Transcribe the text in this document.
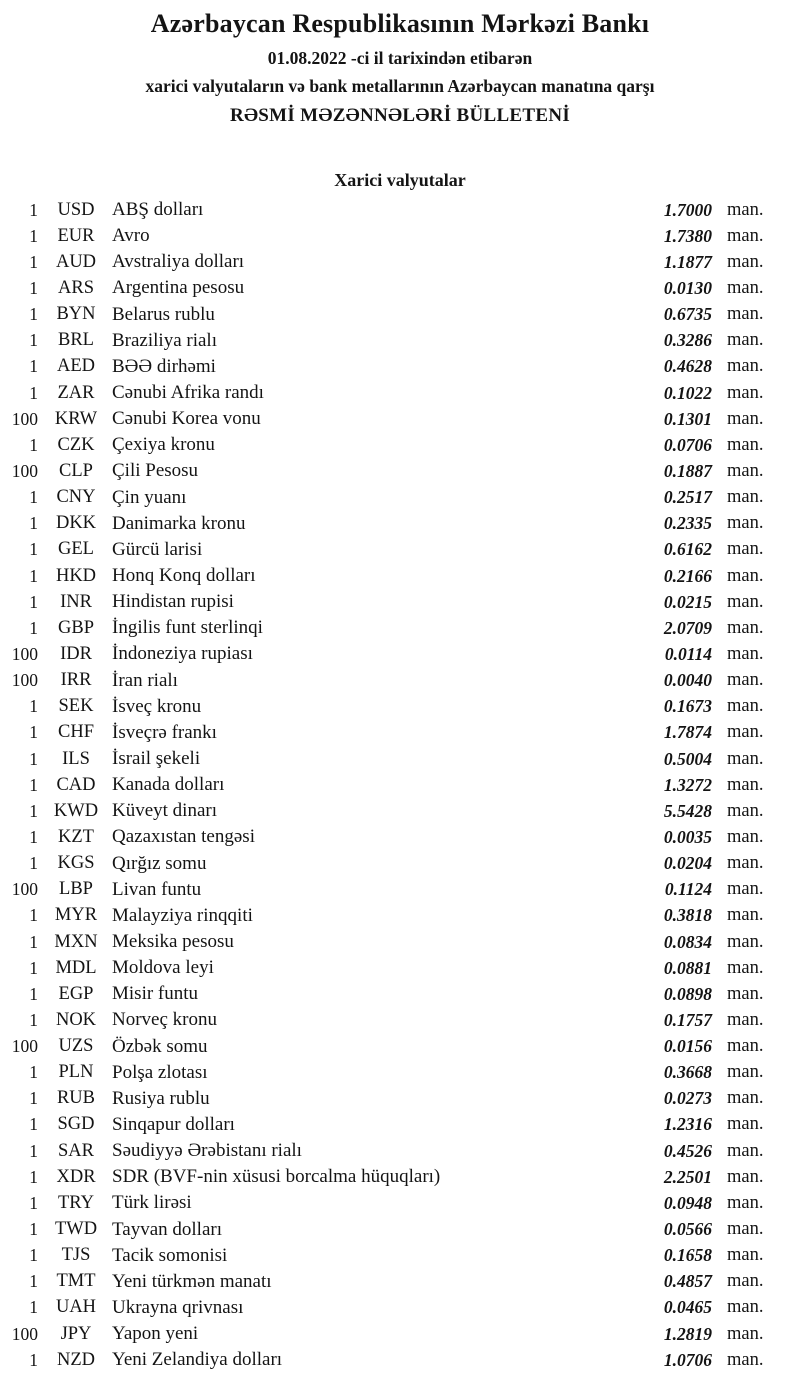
Azərbaycan Respublikasının Mərkəzi Bankı
01.08.2022 -ci il tarixindən etibarən
xarici valyutaların və bank metallarının Azərbaycan manatına qarşı
RƏSMİ MƏZƏNNƏLƏRİ BÜLLETENİ
Xarici valyutalar
1	USD ABŞ dolları	1.7000 man.
1	EUR Avro	1.7380 man.
1 AUD Avstraliya dolları	1.1877 man.
1	ARS Argentina pesosu	0.0130 man.
1 BYN Belarus rublu	0.6735 man.
1	BRL Braziliya rialı	0.3286 man.
1	AED BƏƏ dirhəmi	0.4628 man.
1	ZAR Cənubi Afrika randı	0.1022 man.
100 KRW Cənubi Korea vonu	0.1301 man.
1	CZK Çexiya kronu	0.0706 man.
100	CLP	Çili Pesosu	0.1887 man.
1 CNY Çin yuanı	0.2517 man.
1 DKK Danimarka kronu	0.2335 man.
1	GEL Gürcü larisi	0.6162 man.
1 HKD Honq Konq dolları	0.2166 man.
1	INR	Hindistan rupisi	0.0215 man.
1	GBP İngilis funt sterlinqi	2.0709 man.
100	IDR	İndoneziya rupiası	0.0114 man.
100	IRR	İran rialı	0.0040 man.
1	SEK İsveç kronu	0.1673 man.
1	CHF İsveçrə frankı	1.7874 man.
1	ILS	İsrail şekeli	0.5004 man.
1 CAD Kanada dolları	1.3272 man.
1 KWD Küveyt dinarı	5.5428 man.
1	KZT Qazaxıstan tengəsi	0.0035 man.
1	KGS Qırğız somu	0.0204 man.
100	LBP	Livan funtu	0.1124 man.
1 MYR Malayziya rinqqiti	0.3818 man.
1 MXN Meksika pesosu	0.0834 man.
1 MDL Moldova leyi	0.0881 man.
1	EGP Misir funtu	0.0898 man.
1 NOK Norveç kronu	0.1757 man.
100	UZS Özbək somu	0.0156 man.
1	PLN Polşa zlotası	0.3668 man.
1	RUB Rusiya rublu	0.0273 man.
1	SGD Sinqapur dolları	1.2316 man.
1	SAR Səudiyyə Ərəbistanı rialı	0.4526 man.
1 XDR SDR (BVF-nin xüsusi borcalma hüquqları)	2.2501 man.
1	TRY Türk lirəsi	0.0948 man.
1 TWD Tayvan dolları	0.0566 man.
1	TJS	Tacik somonisi	0.1658 man.
1 TMT Yeni türkmən manatı	0.4857 man.
1 UAH Ukrayna qrivnası	0.0465 man.
100	JPY	Yapon yeni	1.2819 man.
1	NZD Yeni Zelandiya dolları	1.0706 man.
